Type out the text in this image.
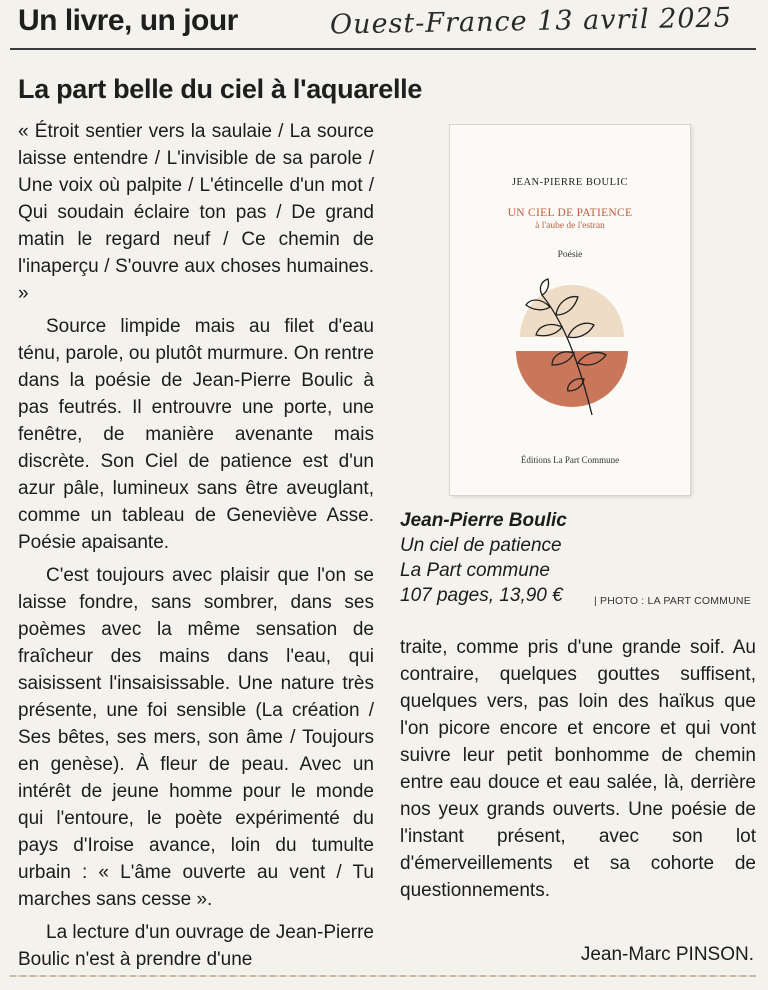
Un livre, un jour	Ouest-France 13 avril 2025
La part belle du ciel à l'aquarelle

« Étroit sentier vers la saulaie / La source laisse entendre / L'invisible de sa parole / Une voix où palpite / L'étincelle d'un mot / Qui soudain éclaire ton pas / De grand matin le regard neuf / Ce chemin de l'inaperçu / S'ouvre aux choses humaines. »

Source limpide mais au filet d'eau ténu, parole, ou plutôt murmure. On rentre dans la poésie de Jean-Pierre Boulic à pas feutrés. Il entrouvre une porte, une fenêtre, de manière avenante mais discrète. Son Ciel de patience est d'un azur pâle, lumineux sans être aveuglant, comme un tableau de Geneviève Asse. Poésie apaisante.

C'est toujours avec plaisir que l'on se laisse fondre, sans sombrer, dans ses poèmes avec la même sensation de fraîcheur des mains dans l'eau, qui saisissent l'insaisissable. Une nature très présente, une foi sensible (La création / Ses bêtes, ses mers, son âme / Toujours en genèse). À fleur de peau. Avec un intérêt de jeune homme pour le monde qui l'entoure, le poète expérimenté du pays d'Iroise avance, loin du tumulte urbain : « L'âme ouverte au vent / Tu marches sans cesse ».

La lecture d'un ouvrage de Jean-Pierre Boulic n'est à prendre d'une

JEAN-PIERRE BOULIC
UN CIEL DE PATIENCE
à l'aube de l'estran
Poésie
Éditions La Part Commune
Jean-Pierre Boulic
Un ciel de patience
La Part commune
107 pages, 13,90 €	| PHOTO : LA PART COMMUNE

traite, comme pris d'une grande soif. Au contraire, quelques gouttes suffisent, quelques vers, pas loin des haïkus que l'on picore encore et encore et qui vont suivre leur petit bonhomme de chemin entre eau douce et eau salée, là, derrière nos yeux grands ouverts. Une poésie de l'instant présent, avec son lot d'émerveillements et sa cohorte de questionnements.

Jean-Marc PINSON.
